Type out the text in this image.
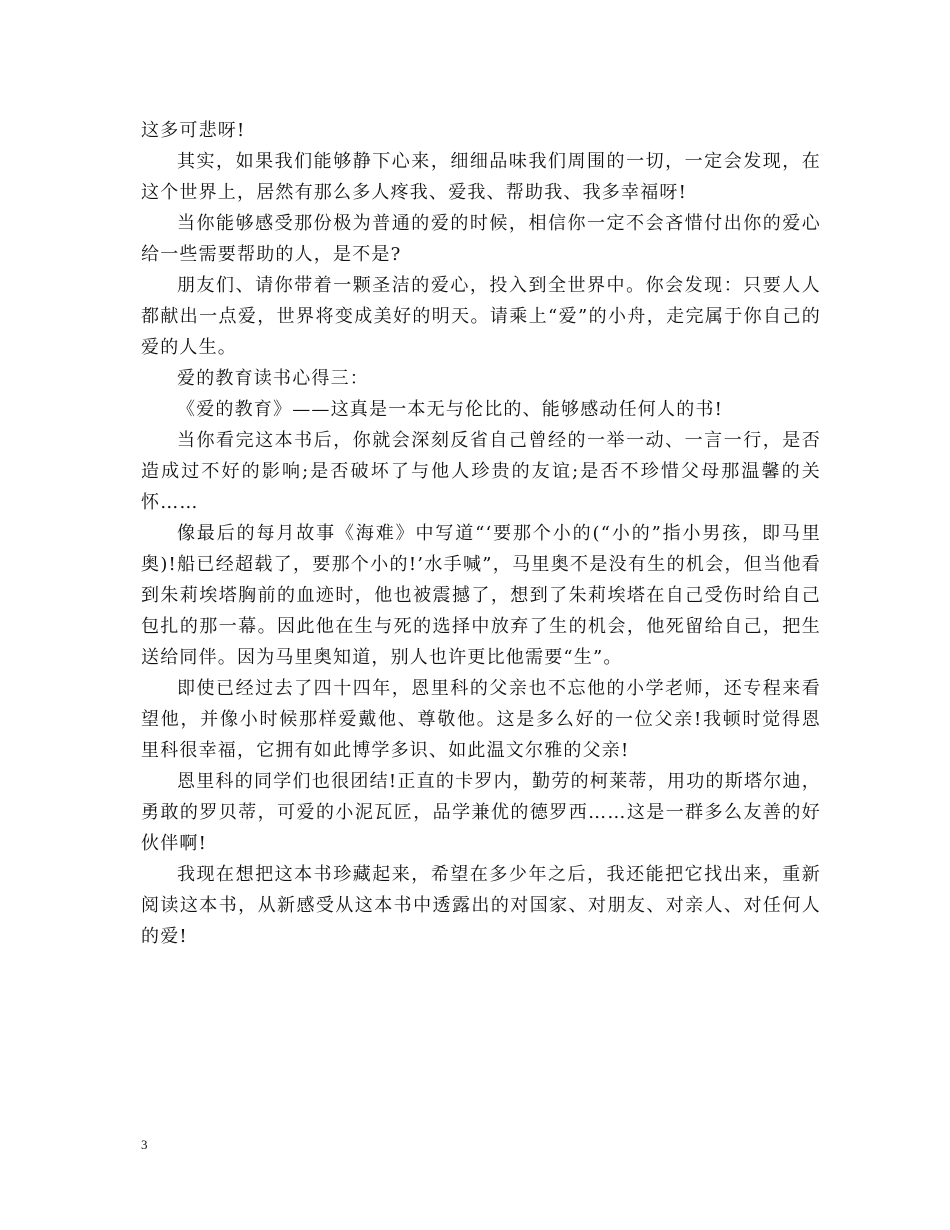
这多可悲呀!

其实，如果我们能够静下心来，细细品味我们周围的一切，一定会发现，在这个世界上，居然有那么多人疼我、爱我、帮助我、我多幸福呀!

当你能够感受那份极为普通的爱的时候，相信你一定不会吝惜付出你的爱心给一些需要帮助的人，是不是?

朋友们、请你带着一颗圣洁的爱心，投入到全世界中。你会发现：只要人人都献出一点爱，世界将变成美好的明天。请乘上“爱”的小舟，走完属于你自己的爱的人生。

爱的教育读书心得三：

《爱的教育》——这真是一本无与伦比的、能够感动任何人的书!

当你看完这本书后，你就会深刻反省自己曾经的一举一动、一言一行，是否造成过不好的影响;是否破坏了与他人珍贵的友谊;是否不珍惜父母那温馨的关怀……

像最后的每月故事《海难》中写道“‘要那个小的(“小的”指小男孩，即马里奥)!船已经超载了，要那个小的!’水手喊”，马里奥不是没有生的机会，但当他看到朱莉埃塔胸前的血迹时，他也被震撼了，想到了朱莉埃塔在自己受伤时给自己包扎的那一幕。因此他在生与死的选择中放弃了生的机会，他死留给自己，把生送给同伴。因为马里奥知道，别人也许更比他需要“生”。

即使已经过去了四十四年，恩里科的父亲也不忘他的小学老师，还专程来看望他，并像小时候那样爱戴他、尊敬他。这是多么好的一位父亲!我顿时觉得恩里科很幸福，它拥有如此博学多识、如此温文尔雅的父亲!

恩里科的同学们也很团结!正直的卡罗内，勤劳的柯莱蒂，用功的斯塔尔迪，勇敢的罗贝蒂，可爱的小泥瓦匠，品学兼优的德罗西……这是一群多么友善的好伙伴啊!

我现在想把这本书珍藏起来，希望在多少年之后，我还能把它找出来，重新阅读这本书，从新感受从这本书中透露出的对国家、对朋友、对亲人、对任何人的爱!

3
